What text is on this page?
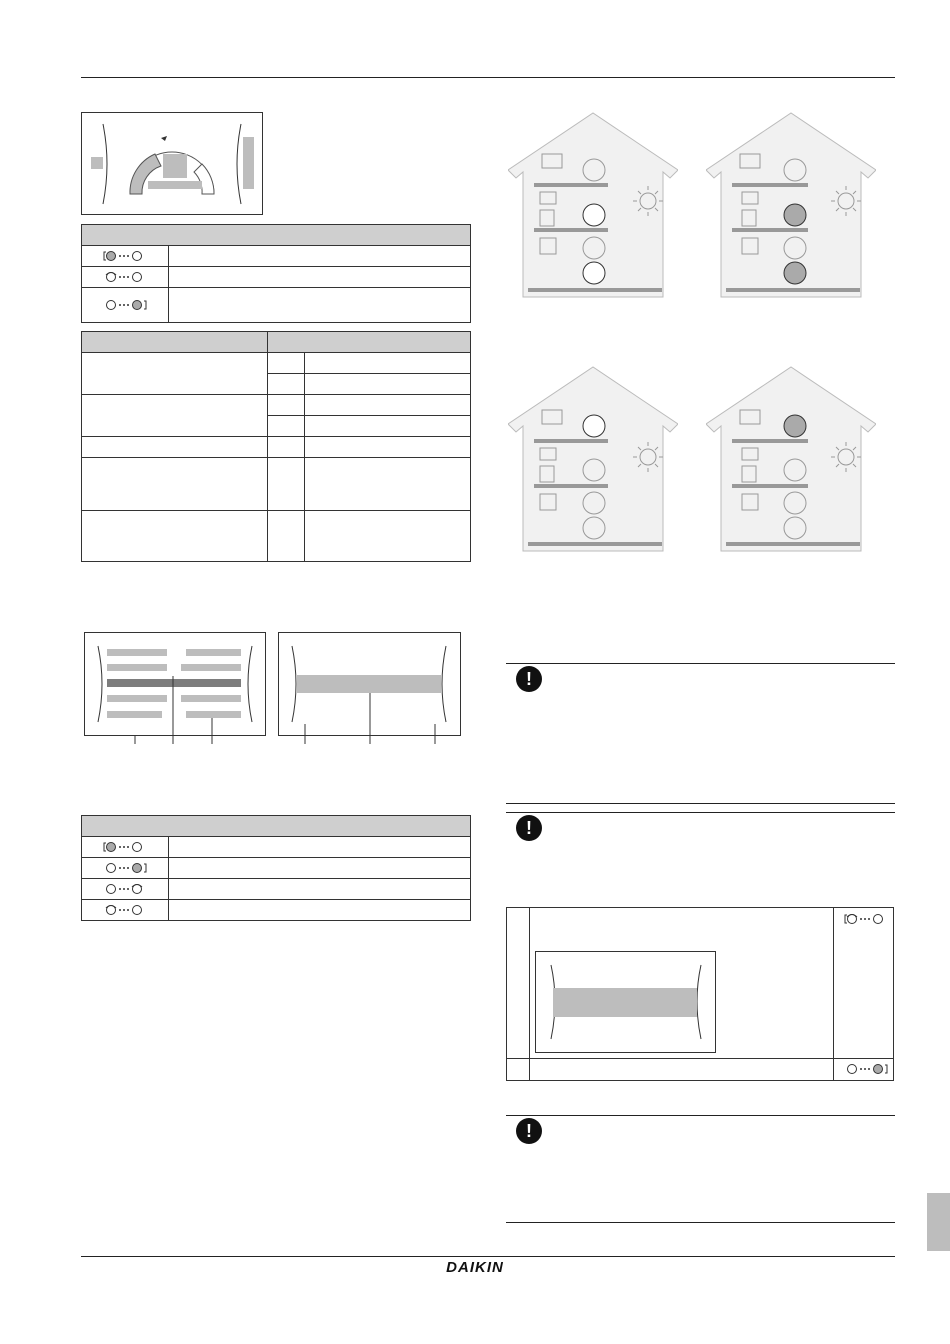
!
!
!
DAIKIN
